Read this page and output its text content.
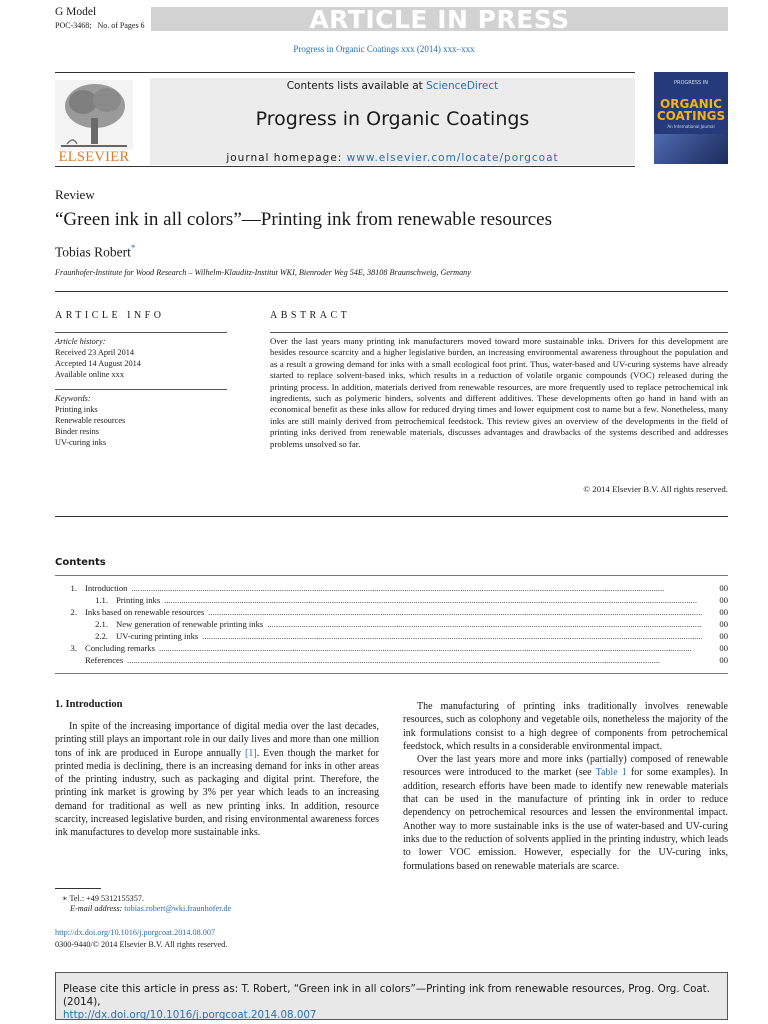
G Model
POC-3468; No. of Pages 6	ARTICLE IN PRESS
Progress in Organic Coatings xxx (2014) xxx–xxx
Contents lists available at ScienceDirect
Progress in Organic Coatings
journal homepage: www.elsevier.com/locate/porgcoat
ELSEVIER
PROGRESS IN
ORGANIC COATINGS
An International Journal
Review
“Green ink in all colors”—Printing ink from renewable resources
Tobias Robert*
Fraunhofer-Institute for Wood Research – Wilhelm-Klauditz-Institut WKI, Bienroder Weg 54E, 38108 Braunschweig, Germany
ARTICLE INFO
Article history:
Received 23 April 2014
Accepted 14 August 2014
Available online xxx
Keywords:
Printing inks
Renewable resources
Binder resins
UV-curing inks
ABSTRACT
Over the last years many printing ink manufacturers moved toward more sustainable inks. Drivers for this development are besides resource scarcity and a higher legislative burden, an increasing environmental awareness throughout the population and as a result a growing demand for inks with a small ecological foot print. Thus, water-based and UV-curing systems have already started to replace solvent-based inks, which results in a reduction of volatile organic compounds (VOC) released during the printing process. In addition, materials derived from renewable resources, are more frequently used to replace petrochemical ink ingredients, such as polymeric binders, solvents and different additives. These developments often go hand in hand with an economical benefit as these inks allow for reduced drying times and lower equipment cost to name but a few. Nonetheless, many inks are still mainly derived from petrochemical feedstock. This review gives an overview of the developments in the field of printing inks derived from renewable materials, discusses advantages and drawbacks of the systems described and addresses problems unsolved so far.
© 2014 Elsevier B.V. All rights reserved.
Contents
1. Introduction .....	00
1.1. Printing inks .....	00
2. Inks based on renewable resources .....	00
2.1. New generation of renewable printing inks .....	00
2.2. UV-curing printing inks .....	00
3. Concluding remarks .....	00
References .....	00
1. Introduction

In spite of the increasing importance of digital media over the last decades, printing still plays an important role in our daily lives and more than one million tons of ink are produced in Europe annually [1]. Even though the market for printed media is declining, there is an increasing demand for inks in other areas of the printing industry, such as packaging and digital print. Therefore, the printing ink market is growing by 3% per year which leads to an increasing demand for traditional as well as new printing inks. In addition, resource scarcity, increased legislative burden, and rising environmental awareness forces ink manufactures to develop more sustainable inks.

The manufacturing of printing inks traditionally involves renewable resources, such as colophony and vegetable oils, nonetheless the majority of the ink formulations consist to a high degree of components from petrochemical feedstock, which results in a considerable environmental impact.

Over the last years more and more inks (partially) composed of renewable resources were introduced to the market (see Table 1 for some examples). In addition, research efforts have been made to identify new renewable materials that can be used in the manufacture of printing ink in order to reduce dependency on petrochemical resources and lessen the environmental impact. Another way to more sustainable inks is the use of water-based and UV-curing inks due to the reduction of solvents applied in the printing industry, which leads to lower VOC emission. However, especially for the UV-curing inks, formulations based on renewable materials are scarce.

∗ Tel.: +49 5312155357.
E-mail address: tobias.robert@wki.fraunhofer.de
http://dx.doi.org/10.1016/j.porgcoat.2014.08.007
0300-9440/© 2014 Elsevier B.V. All rights reserved.
Please cite this article in press as: T. Robert, “Green ink in all colors”—Printing ink from renewable resources, Prog. Org. Coat. (2014),
http://dx.doi.org/10.1016/j.porgcoat.2014.08.007
